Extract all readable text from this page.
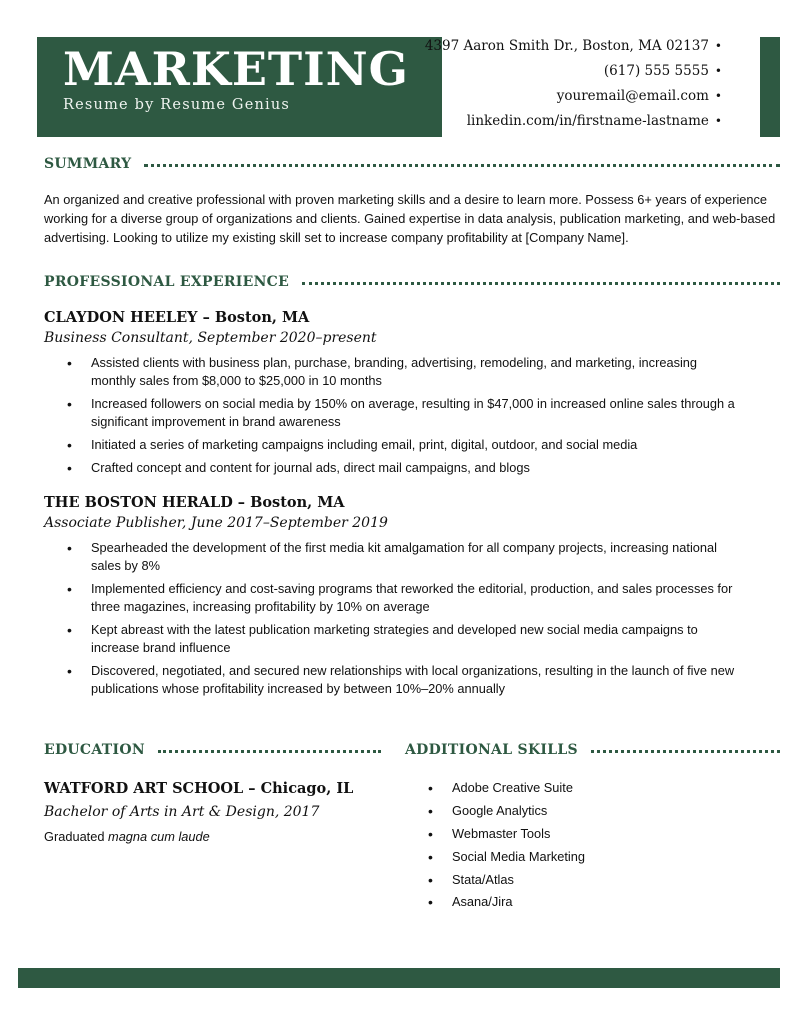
MARKETING
Resume by Resume Genius
4397 Aaron Smith Dr., Boston, MA 02137 •
(617) 555 5555 •
youremail@email.com •
linkedin.com/in/firstname-lastname •
SUMMARY
An organized and creative professional with proven marketing skills and a desire to learn more. Possess 6+ years of experience working for a diverse group of organizations and clients. Gained expertise in data analysis, publication marketing, and web-based advertising. Looking to utilize my existing skill set to increase company profitability at [Company Name].
PROFESSIONAL EXPERIENCE
CLAYDON HEELEY – Boston, MA
Business Consultant, September 2020–present
• Assisted clients with business plan, purchase, branding, advertising, remodeling, and marketing, increasing monthly sales from $8,000 to $25,000 in 10 months
• Increased followers on social media by 150% on average, resulting in $47,000 in increased online sales through a significant improvement in brand awareness
• Initiated a series of marketing campaigns including email, print, digital, outdoor, and social media
• Crafted concept and content for journal ads, direct mail campaigns, and blogs
THE BOSTON HERALD – Boston, MA
Associate Publisher, June 2017–September 2019
• Spearheaded the development of the first media kit amalgamation for all company projects, increasing national sales by 8%
• Implemented efficiency and cost-saving programs that reworked the editorial, production, and sales processes for three magazines, increasing profitability by 10% on average
• Kept abreast with the latest publication marketing strategies and developed new social media campaigns to increase brand influence
• Discovered, negotiated, and secured new relationships with local organizations, resulting in the launch of five new publications whose profitability increased by between 10%–20% annually
EDUCATION	ADDITIONAL SKILLS
WATFORD ART SCHOOL – Chicago, IL
Bachelor of Arts in Art & Design, 2017
Graduated magna cum laude
• Adobe Creative Suite
• Google Analytics
• Webmaster Tools
• Social Media Marketing
• Stata/Atlas
• Asana/Jira
